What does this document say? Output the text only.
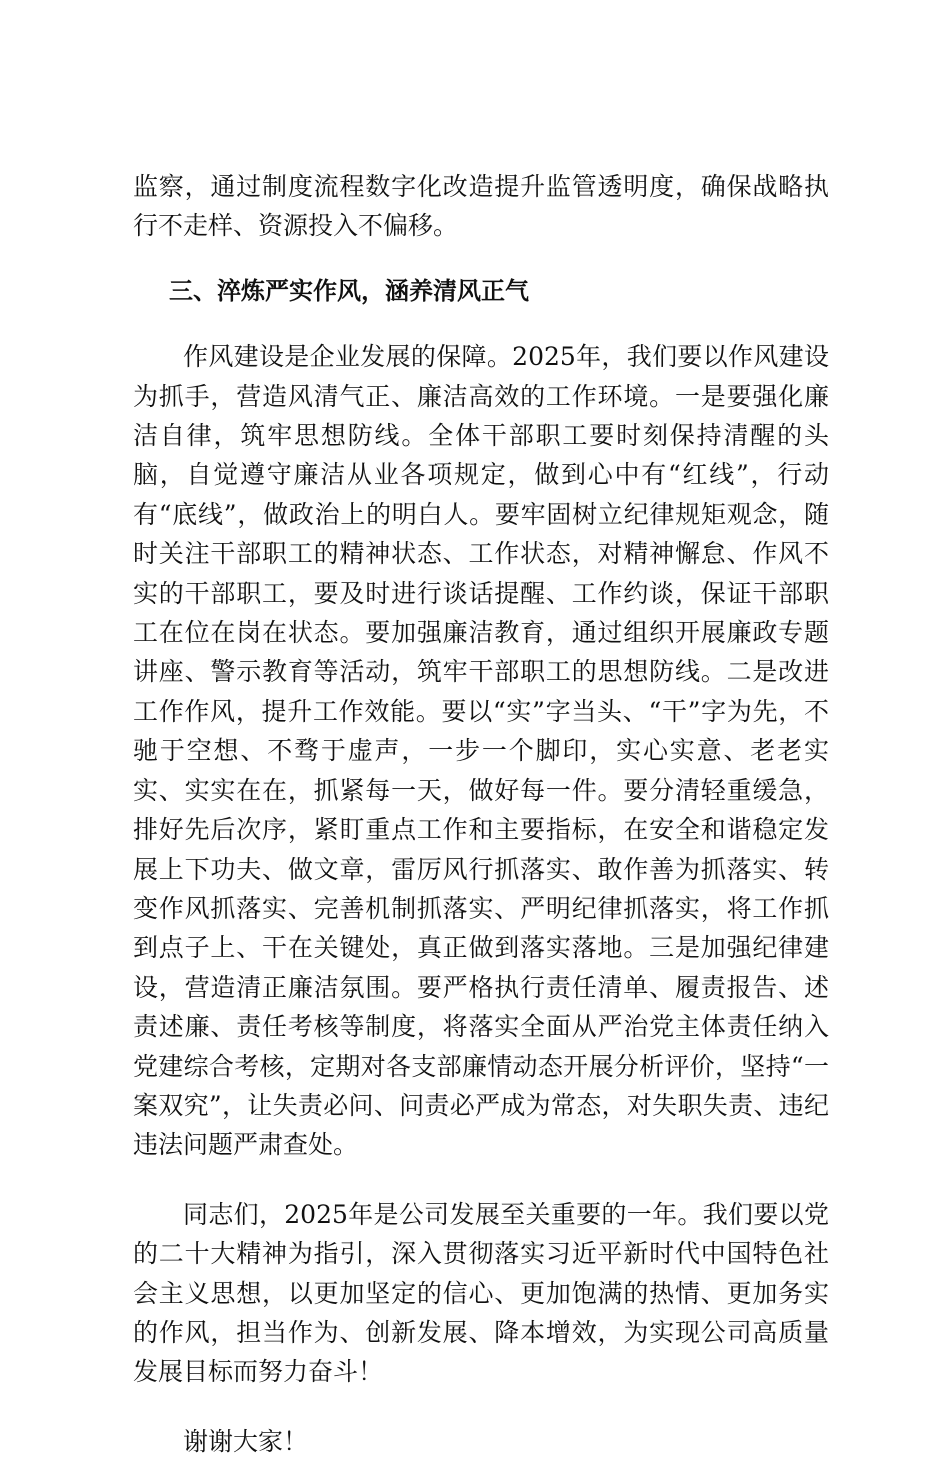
监察，通过制度流程数字化改造提升监管透明度，确保战略执行不走样、资源投入不偏移。

三、淬炼严实作风，涵养清风正气

作风建设是企业发展的保障。2025年，我们要以作风建设为抓手，营造风清气正、廉洁高效的工作环境。一是要强化廉洁自律，筑牢思想防线。全体干部职工要时刻保持清醒的头脑，自觉遵守廉洁从业各项规定，做到心中有“红线”，行动有“底线”，做政治上的明白人。要牢固树立纪律规矩观念，随时关注干部职工的精神状态、工作状态，对精神懈怠、作风不实的干部职工，要及时进行谈话提醒、工作约谈，保证干部职工在位在岗在状态。要加强廉洁教育，通过组织开展廉政专题讲座、警示教育等活动，筑牢干部职工的思想防线。二是改进工作作风，提升工作效能。要以“实”字当头、“干”字为先，不驰于空想、不骛于虚声，一步一个脚印，实心实意、老老实实、实实在在，抓紧每一天，做好每一件。要分清轻重缓急，排好先后次序，紧盯重点工作和主要指标，在安全和谐稳定发展上下功夫、做文章，雷厉风行抓落实、敢作善为抓落实、转变作风抓落实、完善机制抓落实、严明纪律抓落实，将工作抓到点子上、干在关键处，真正做到落实落地。三是加强纪律建设，营造清正廉洁氛围。要严格执行责任清单、履责报告、述责述廉、责任考核等制度，将落实全面从严治党主体责任纳入党建综合考核，定期对各支部廉情动态开展分析评价，坚持“一案双究”，让失责必问、问责必严成为常态，对失职失责、违纪违法问题严肃查处。

同志们，2025年是公司发展至关重要的一年。我们要以党的二十大精神为指引，深入贯彻落实习近平新时代中国特色社会主义思想，以更加坚定的信心、更加饱满的热情、更加务实的作风，担当作为、创新发展、降本增效，为实现公司高质量发展目标而努力奋斗！

谢谢大家！
